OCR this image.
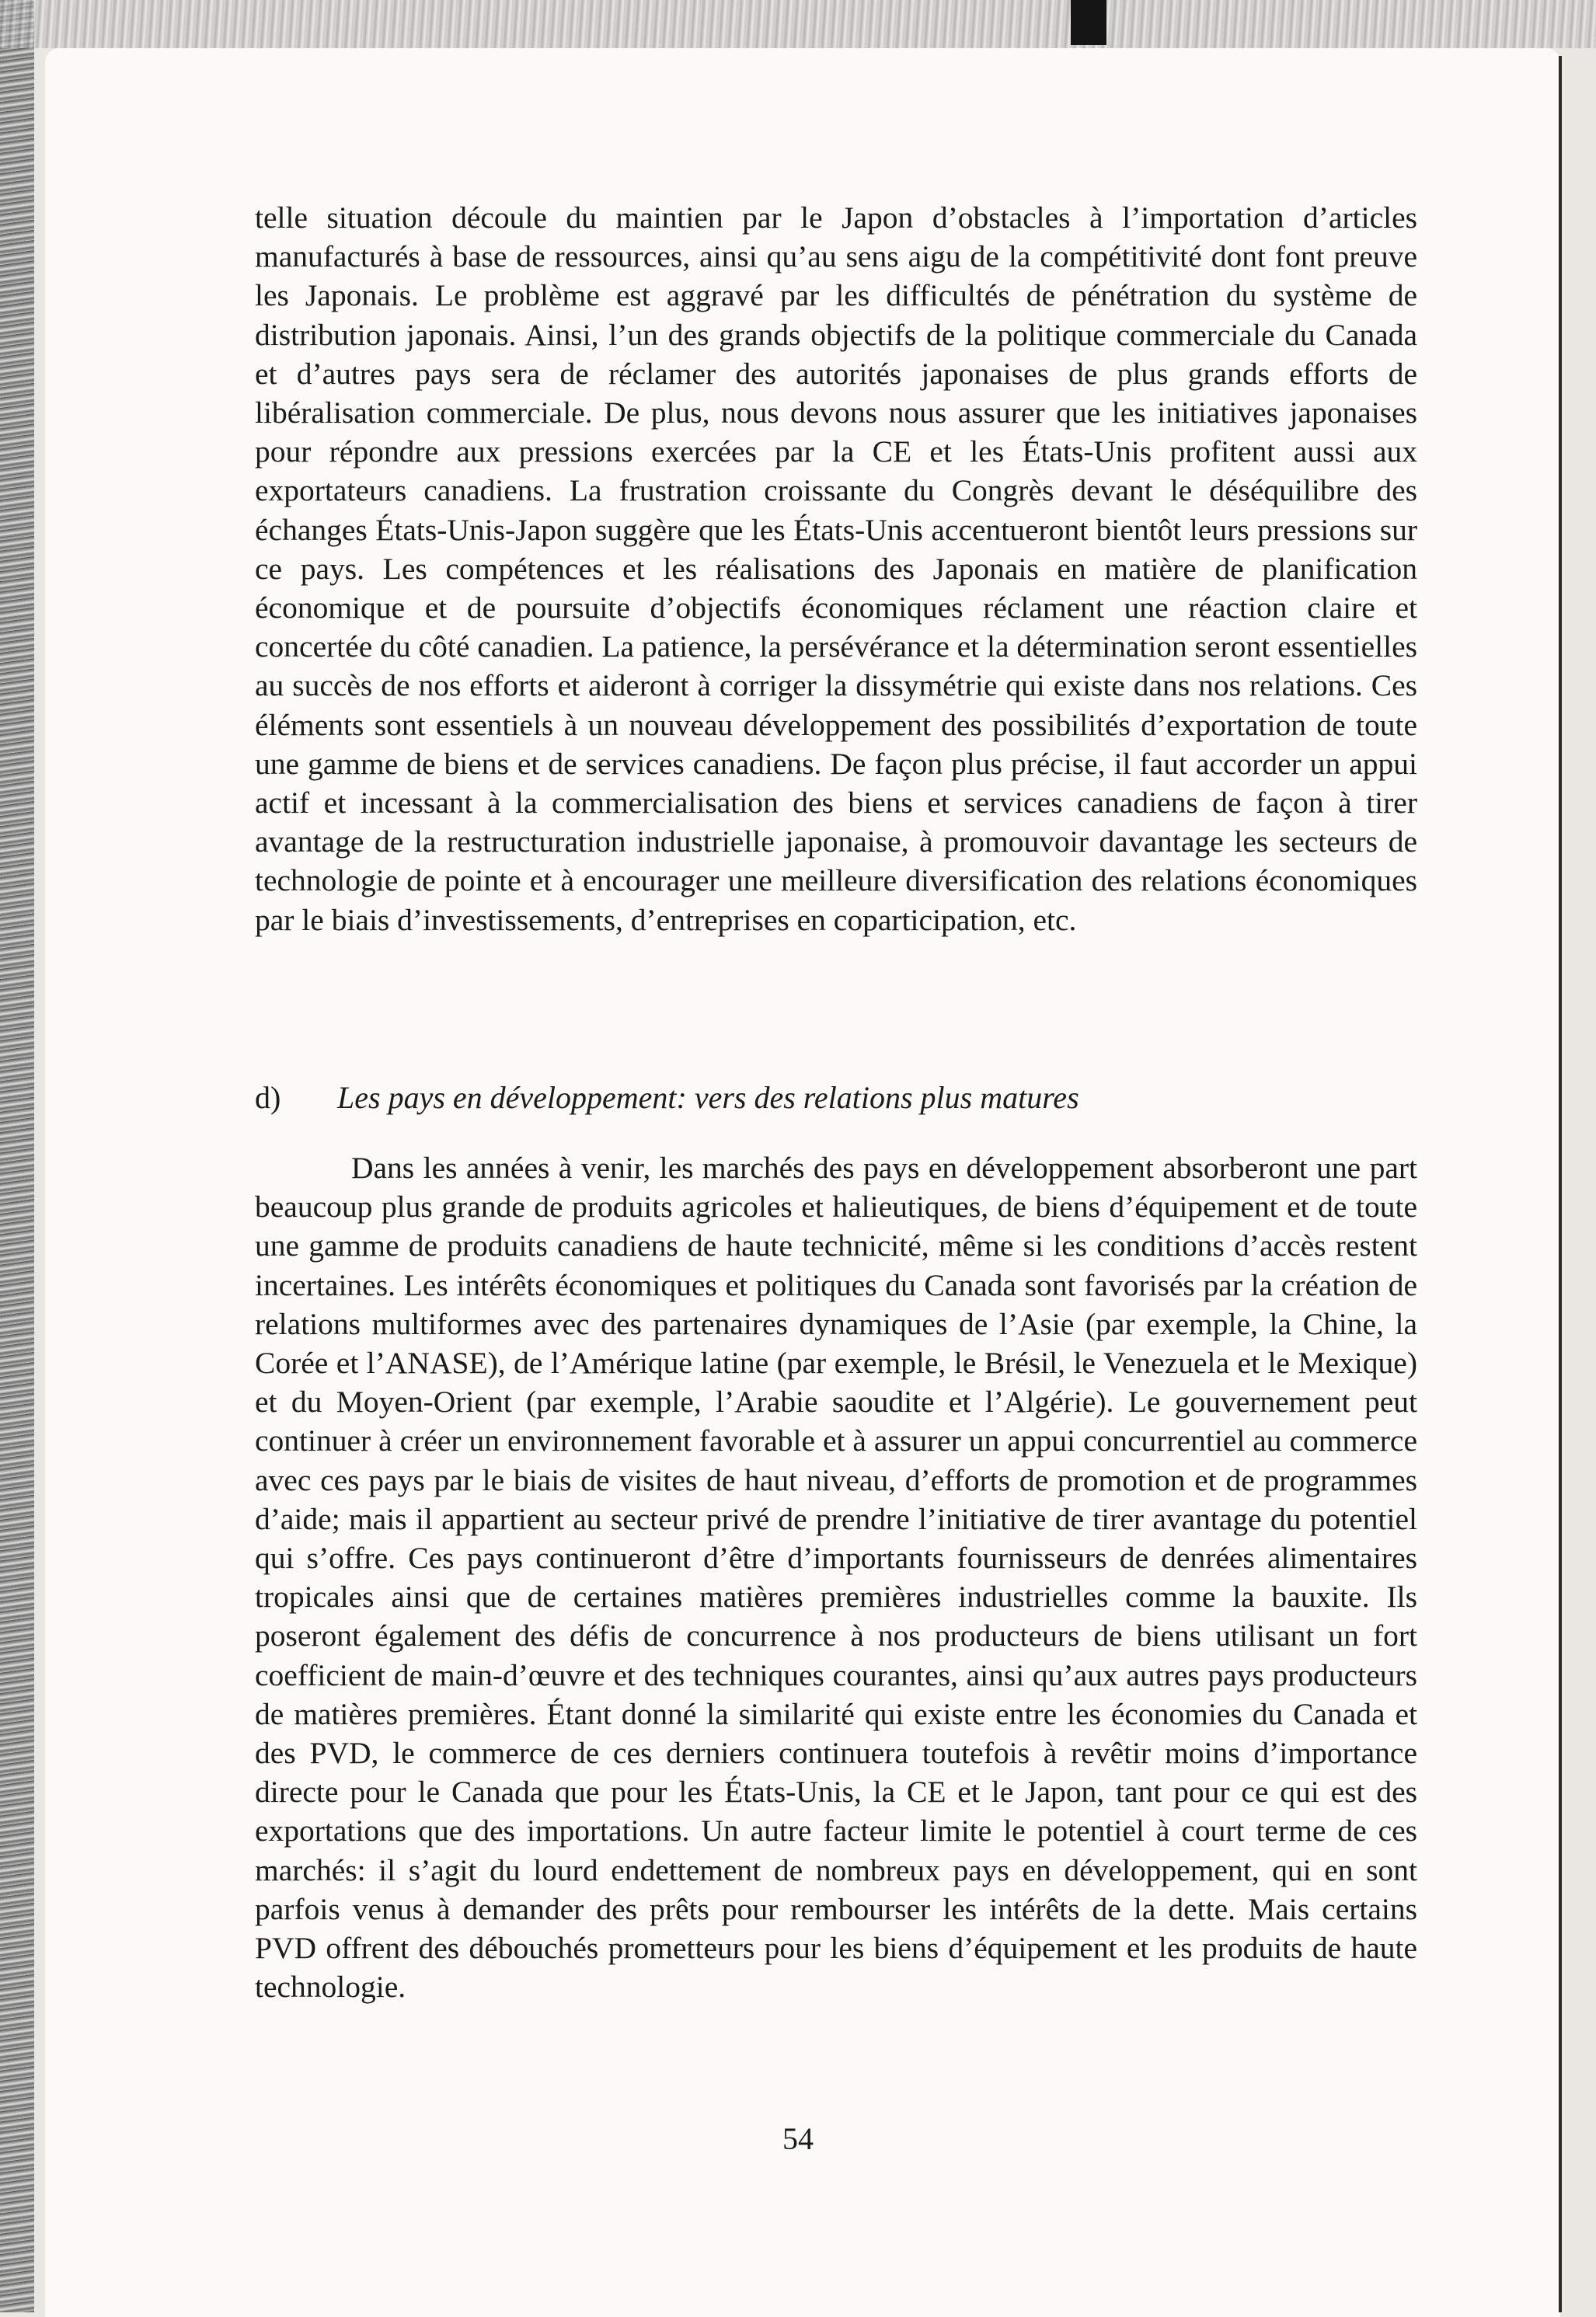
telle situation découle du maintien par le Japon d’obstacles à l’importation d’articles manufacturés à base de ressources, ainsi qu’au sens aigu de la compétitivité dont font preuve les Japonais. Le problème est aggravé par les difficultés de pénétration du système de distribution japonais. Ainsi, l’un des grands objectifs de la politique commerciale du Canada et d’autres pays sera de réclamer des autorités japonaises de plus grands efforts de libéralisation commerciale. De plus, nous devons nous assurer que les initiatives japonaises pour répondre aux pressions exercées par la CE et les États-Unis profitent aussi aux exportateurs canadiens. La frustration croissante du Congrès devant le déséquilibre des échanges États-Unis-Japon suggère que les États-Unis accentueront bientôt leurs pressions sur ce pays. Les compétences et les réalisations des Japonais en matière de planification économique et de poursuite d’objectifs économiques réclament une réaction claire et concertée du côté canadien. La patience, la persévérance et la détermination seront essentielles au succès de nos efforts et aideront à corriger la dissymétrie qui existe dans nos relations. Ces éléments sont essentiels à un nouveau développement des possibilités d’exportation de toute une gamme de biens et de services canadiens. De façon plus précise, il faut accorder un appui actif et incessant à la commercialisation des biens et services canadiens de façon à tirer avantage de la restructuration industrielle japonaise, à promouvoir davantage les secteurs de technologie de pointe et à encourager une meilleure diversification des relations économiques par le biais d’investissements, d’entreprises en coparticipation, etc.

d) Les pays en développement: vers des relations plus matures

Dans les années à venir, les marchés des pays en développement absorberont une part beaucoup plus grande de produits agricoles et halieutiques, de biens d’équipement et de toute une gamme de produits canadiens de haute technicité, même si les conditions d’accès restent incertaines. Les intérêts économiques et politiques du Canada sont favorisés par la création de relations multiformes avec des partenaires dynamiques de l’Asie (par exemple, la Chine, la Corée et l’ANASE), de l’Amérique latine (par exemple, le Brésil, le Venezuela et le Mexique) et du Moyen-Orient (par exemple, l’Arabie saoudite et l’Algérie). Le gouvernement peut continuer à créer un environnement favorable et à assurer un appui concurrentiel au commerce avec ces pays par le biais de visites de haut niveau, d’efforts de promotion et de programmes d’aide; mais il appartient au secteur privé de prendre l’initiative de tirer avantage du potentiel qui s’offre. Ces pays continueront d’être d’importants fournisseurs de denrées alimentaires tropicales ainsi que de certaines matières premières industrielles comme la bauxite. Ils poseront également des défis de concurrence à nos producteurs de biens utilisant un fort coefficient de main-d’œuvre et des techniques courantes, ainsi qu’aux autres pays producteurs de matières premières. Étant donné la similarité qui existe entre les économies du Canada et des PVD, le commerce de ces derniers continuera toutefois à revêtir moins d’importance directe pour le Canada que pour les États-Unis, la CE et le Japon, tant pour ce qui est des exportations que des importations. Un autre facteur limite le potentiel à court terme de ces marchés: il s’agit du lourd endettement de nombreux pays en développement, qui en sont parfois venus à demander des prêts pour rembourser les intérêts de la dette. Mais certains PVD offrent des débouchés prometteurs pour les biens d’équipement et les produits de haute technologie.

54
